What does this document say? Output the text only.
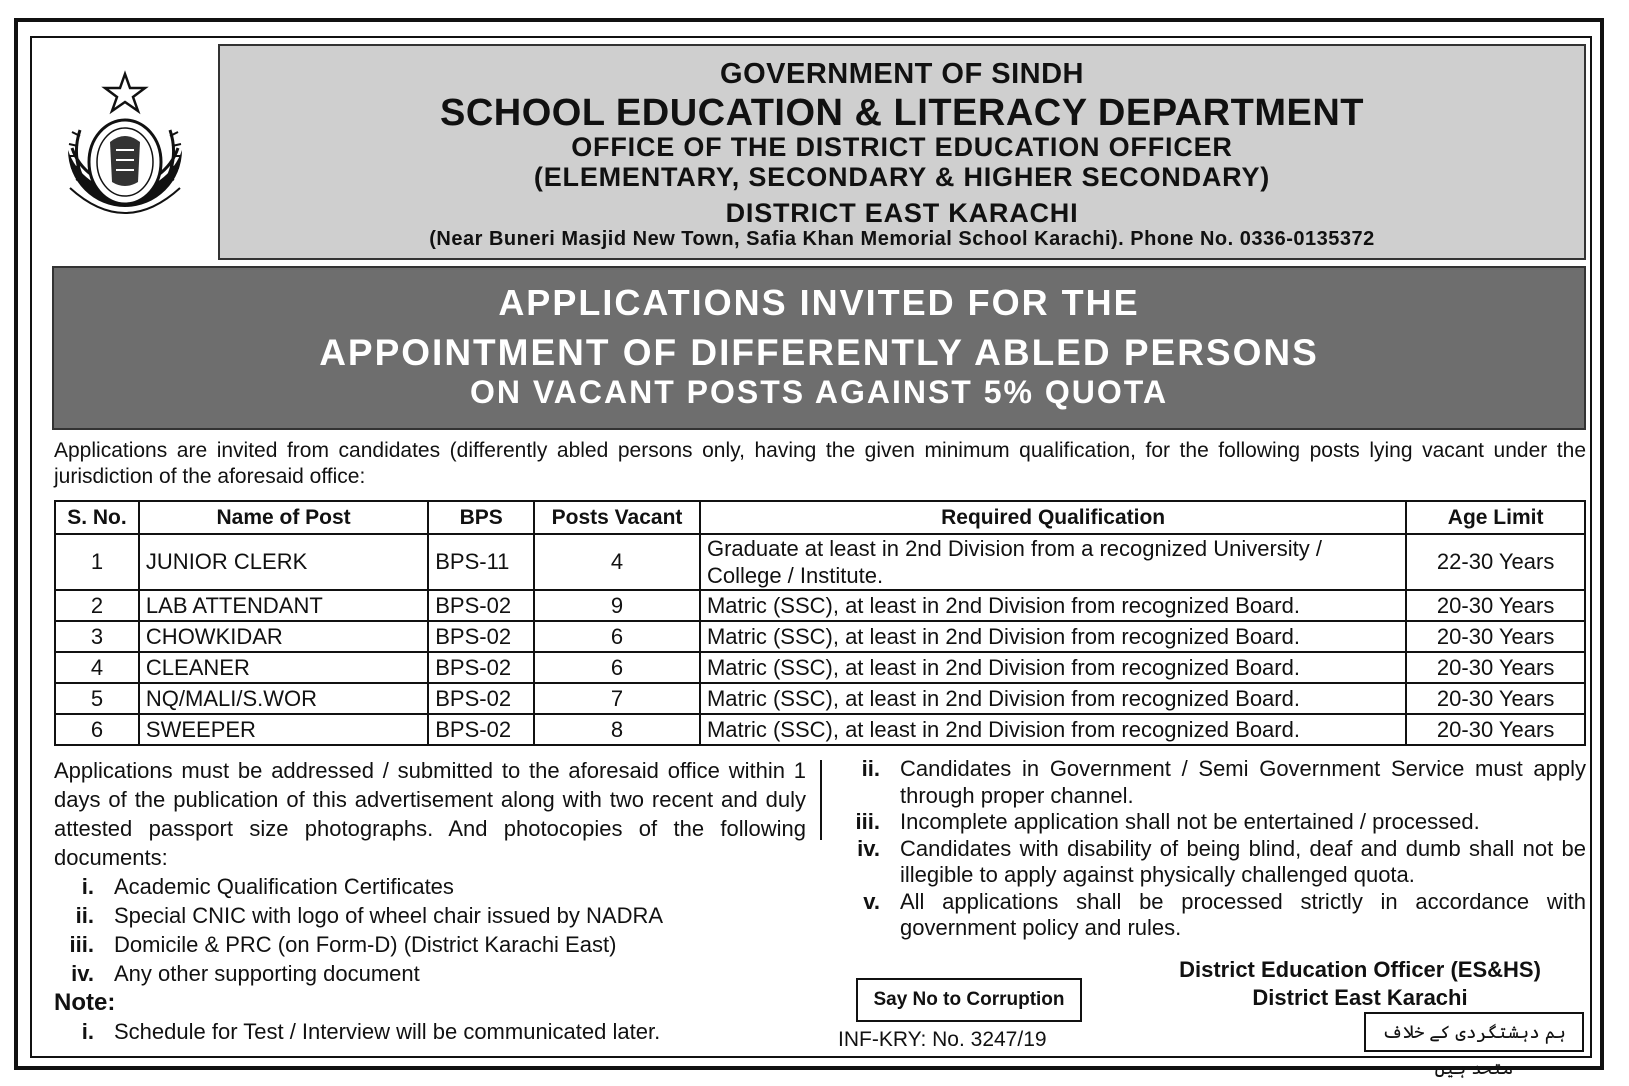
GOVERNMENT OF SINDH
SCHOOL EDUCATION & LITERACY DEPARTMENT
OFFICE OF THE DISTRICT EDUCATION OFFICER
(ELEMENTARY, SECONDARY & HIGHER SECONDARY)
DISTRICT EAST KARACHI
(Near Buneri Masjid New Town, Safia Khan Memorial School Karachi). Phone No. 0336-0135372
APPLICATIONS INVITED FOR THE
APPOINTMENT OF DIFFERENTLY ABLED PERSONS
ON VACANT POSTS AGAINST 5% QUOTA
Applications are invited from candidates (differently abled persons only, having the given minimum qualification, for the following posts lying vacant under the jurisdiction of the aforesaid office:
S. No.	Name of Post	BPS	Posts Vacant	Required Qualification	Age Limit
1	JUNIOR CLERK	BPS-11	4	Graduate at least in 2nd Division from a recognized University / College / Institute.	22-30 Years
2	LAB ATTENDANT	BPS-02	9	Matric (SSC), at least in 2nd Division from recognized Board.	20-30 Years
3	CHOWKIDAR	BPS-02	6	Matric (SSC), at least in 2nd Division from recognized Board.	20-30 Years
4	CLEANER	BPS-02	6	Matric (SSC), at least in 2nd Division from recognized Board.	20-30 Years
5	NQ/MALI/S.WOR	BPS-02	7	Matric (SSC), at least in 2nd Division from recognized Board.	20-30 Years
6	SWEEPER	BPS-02	8	Matric (SSC), at least in 2nd Division from recognized Board.	20-30 Years
Applications must be addressed / submitted to the aforesaid office within 1 days of the publication of this advertisement along with two recent and duly attested passport size photographs. And photocopies of the following documents:
i. Academic Qualification Certificates
ii. Special CNIC with logo of wheel chair issued by NADRA
iii. Domicile & PRC (on Form-D) (District Karachi East)
iv. Any other supporting document
Note:
i. Schedule for Test / Interview will be communicated later.
ii. Candidates in Government / Semi Government Service must apply through proper channel.
iii. Incomplete application shall not be entertained / processed.
iv. Candidates with disability of being blind, deaf and dumb shall not be illegible to apply against physically challenged quota.
v. All applications shall be processed strictly in accordance with government policy and rules.
District Education Officer (ES&HS)
District East Karachi
Say No to Corruption
INF-KRY: No. 3247/19	ہم دہشتگردی کے خلاف متحد ہیں
